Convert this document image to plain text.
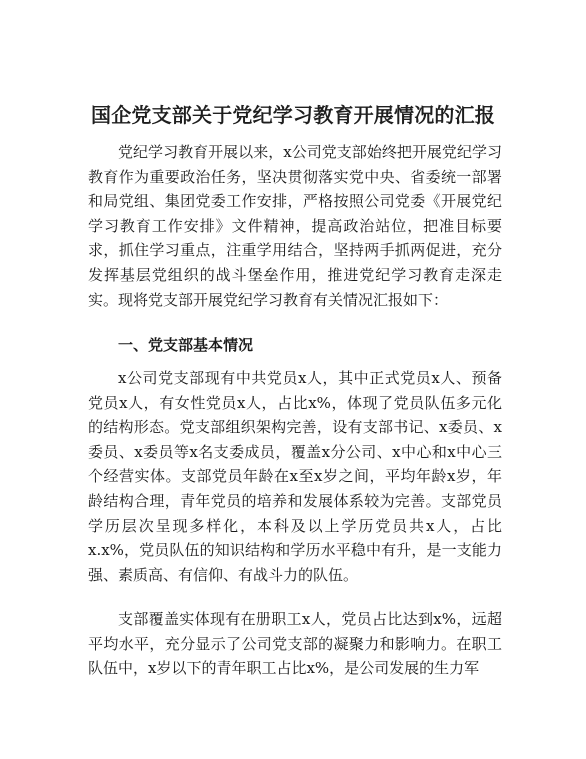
国企党支部关于党纪学习教育开展情况的汇报

党纪学习教育开展以来，x公司党支部始终把开展党纪学习教育作为重要政治任务，坚决贯彻落实党中央、省委统一部署和局党组、集团党委工作安排，严格按照公司党委《开展党纪学习教育工作安排》文件精神，提高政治站位，把准目标要求，抓住学习重点，注重学用结合，坚持两手抓两促进，充分发挥基层党组织的战斗堡垒作用，推进党纪学习教育走深走实。现将党支部开展党纪学习教育有关情况汇报如下：

一、党支部基本情况

x公司党支部现有中共党员x人，其中正式党员x人、预备党员x人，有女性党员x人，占比x%，体现了党员队伍多元化的结构形态。党支部组织架构完善，设有支部书记、x委员、x委员、x委员等x名支委成员，覆盖x分公司、x中心和x中心三个经营实体。支部党员年龄在x至x岁之间，平均年龄x岁，年龄结构合理，青年党员的培养和发展体系较为完善。支部党员学历层次呈现多样化，本科及以上学历党员共x人，占比x.x%，党员队伍的知识结构和学历水平稳中有升，是一支能力强、素质高、有信仰、有战斗力的队伍。

支部覆盖实体现有在册职工x人，党员占比达到x%，远超平均水平，充分显示了公司党支部的凝聚力和影响力。在职工队伍中，x岁以下的青年职工占比x%，是公司发展的生力军
